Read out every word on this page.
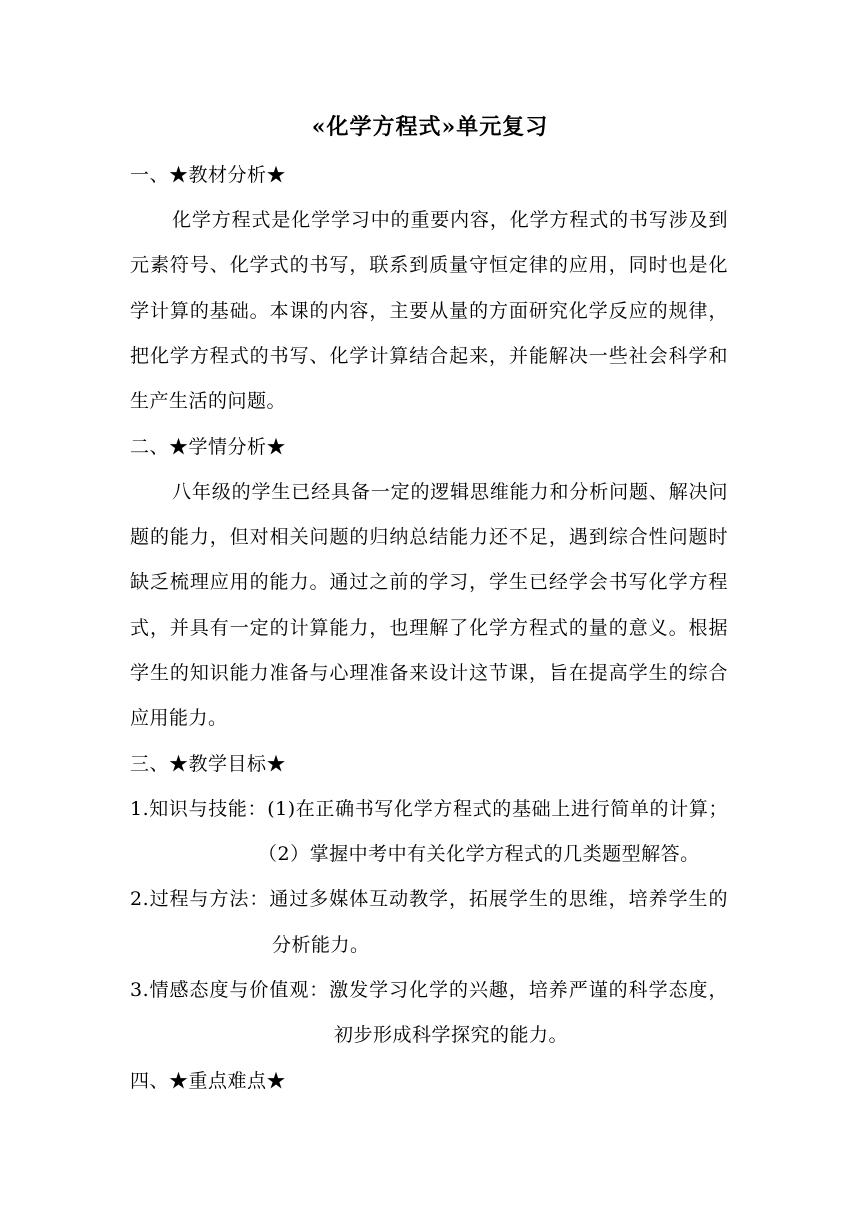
«化学方程式»单元复习
一、★教材分析★
化学方程式是化学学习中的重要内容，化学方程式的书写涉及到
元素符号、化学式的书写，联系到质量守恒定律的应用，同时也是化
学计算的基础。本课的内容，主要从量的方面研究化学反应的规律，
把化学方程式的书写、化学计算结合起来，并能解决一些社会科学和
生产生活的问题。
二、★学情分析★
八年级的学生已经具备一定的逻辑思维能力和分析问题、解决问
题的能力，但对相关问题的归纳总结能力还不足，遇到综合性问题时
缺乏梳理应用的能力。通过之前的学习，学生已经学会书写化学方程
式，并具有一定的计算能力，也理解了化学方程式的量的意义。根据
学生的知识能力准备与心理准备来设计这节课，旨在提高学生的综合
应用能力。
三、★教学目标★
1.知识与技能：(1)在正确书写化学方程式的基础上进行简单的计算；
（2）掌握中考中有关化学方程式的几类题型解答。
2.过程与方法：通过多媒体互动教学，拓展学生的思维，培养学生的
分析能力。
3.情感态度与价值观：激发学习化学的兴趣，培养严谨的科学态度，
初步形成科学探究的能力。
四、★重点难点★
